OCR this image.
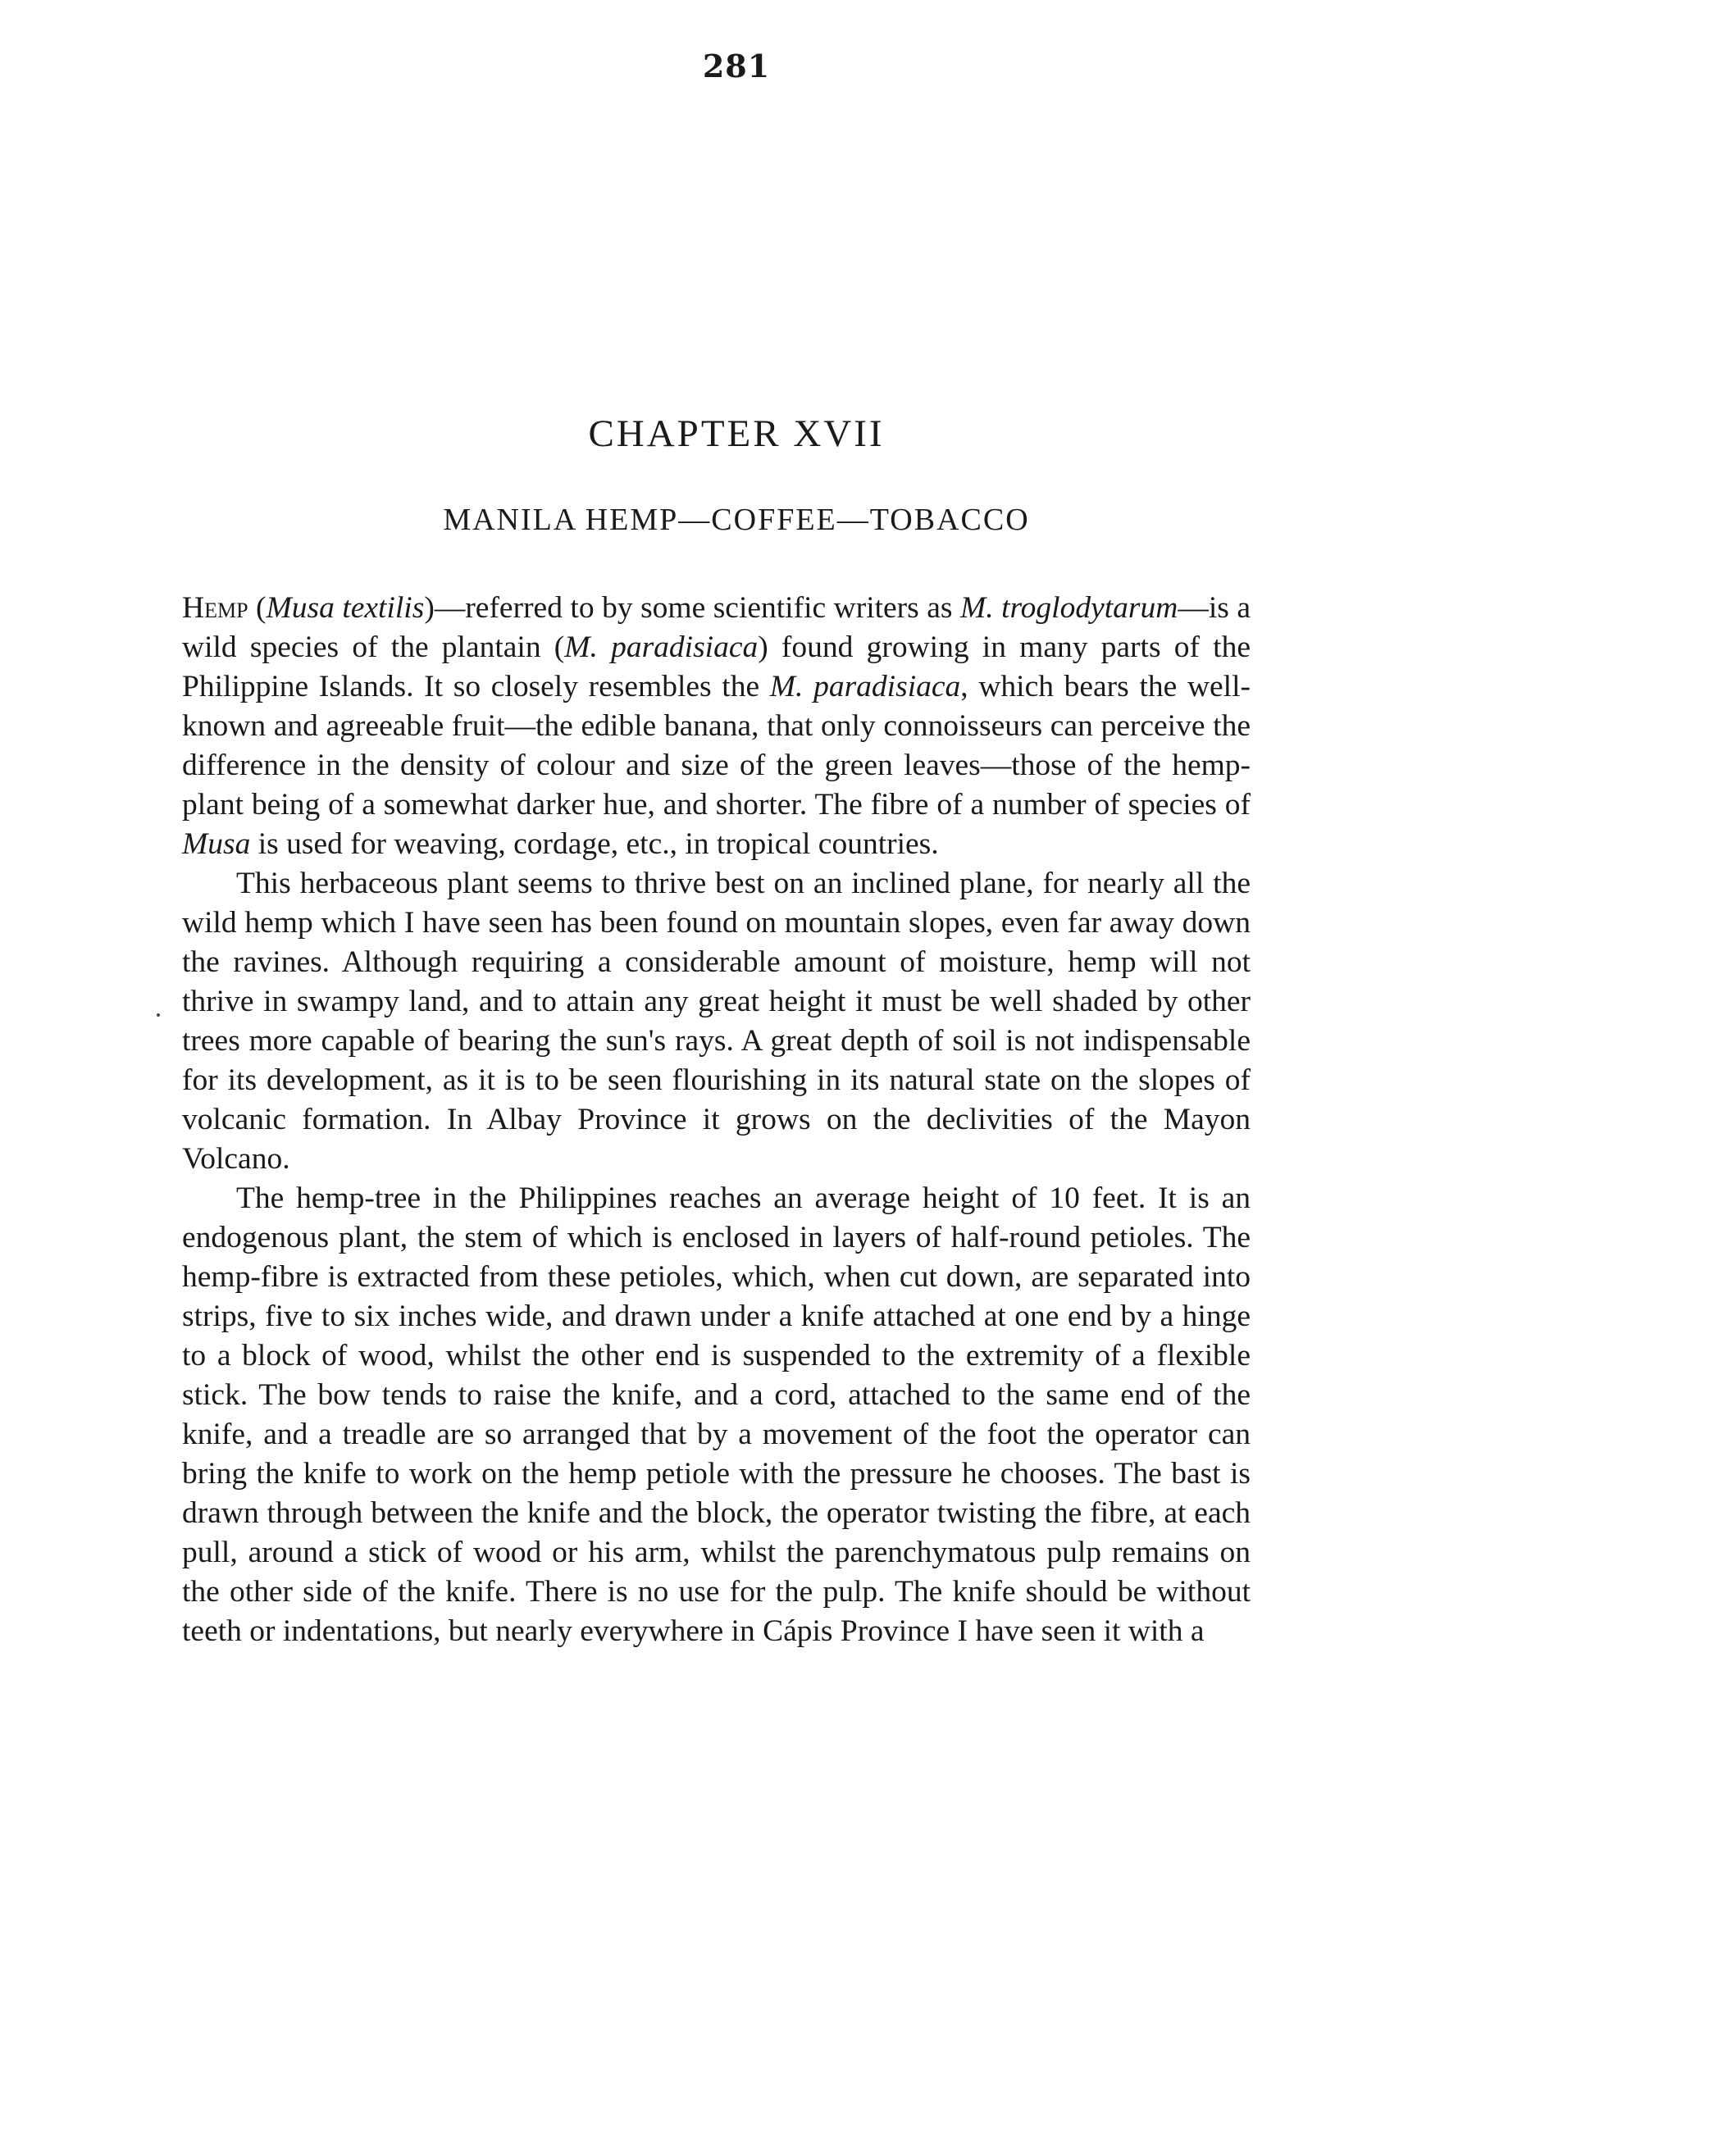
281
CHAPTER XVII
MANILA HEMP—COFFEE—TOBACCO

Hemp (Musa textilis)—referred to by some scientific writers as M. troglodytarum—is a wild species of the plantain (M. paradisiaca) found growing in many parts of the Philippine Islands. It so closely resembles the M. paradisiaca, which bears the well-known and agreeable fruit—the edible banana, that only connoisseurs can perceive the difference in the density of colour and size of the green leaves—those of the hemp-plant being of a somewhat darker hue, and shorter. The fibre of a number of species of Musa is used for weaving, cordage, etc., in tropical countries.

This herbaceous plant seems to thrive best on an inclined plane, for nearly all the wild hemp which I have seen has been found on mountain slopes, even far away down the ravines. Although requiring a considerable amount of moisture, hemp will not thrive in swampy land, and to attain any great height it must be well shaded by other trees more capable of bearing the sun's rays. A great depth of soil is not indispensable for its development, as it is to be seen flourishing in its natural state on the slopes of volcanic formation. In Albay Province it grows on the declivities of the Mayon Volcano.

The hemp-tree in the Philippines reaches an average height of 10 feet. It is an endogenous plant, the stem of which is enclosed in layers of half-round petioles. The hemp-fibre is extracted from these petioles, which, when cut down, are separated into strips, five to six inches wide, and drawn under a knife attached at one end by a hinge to a block of wood, whilst the other end is suspended to the extremity of a flexible stick. The bow tends to raise the knife, and a cord, attached to the same end of the knife, and a treadle are so arranged that by a movement of the foot the operator can bring the knife to work on the hemp petiole with the pressure he chooses. The bast is drawn through between the knife and the block, the operator twisting the fibre, at each pull, around a stick of wood or his arm, whilst the parenchymatous pulp remains on the other side of the knife. There is no use for the pulp. The knife should be without teeth or indentations, but nearly everywhere in Cápis Province I have seen it with a
